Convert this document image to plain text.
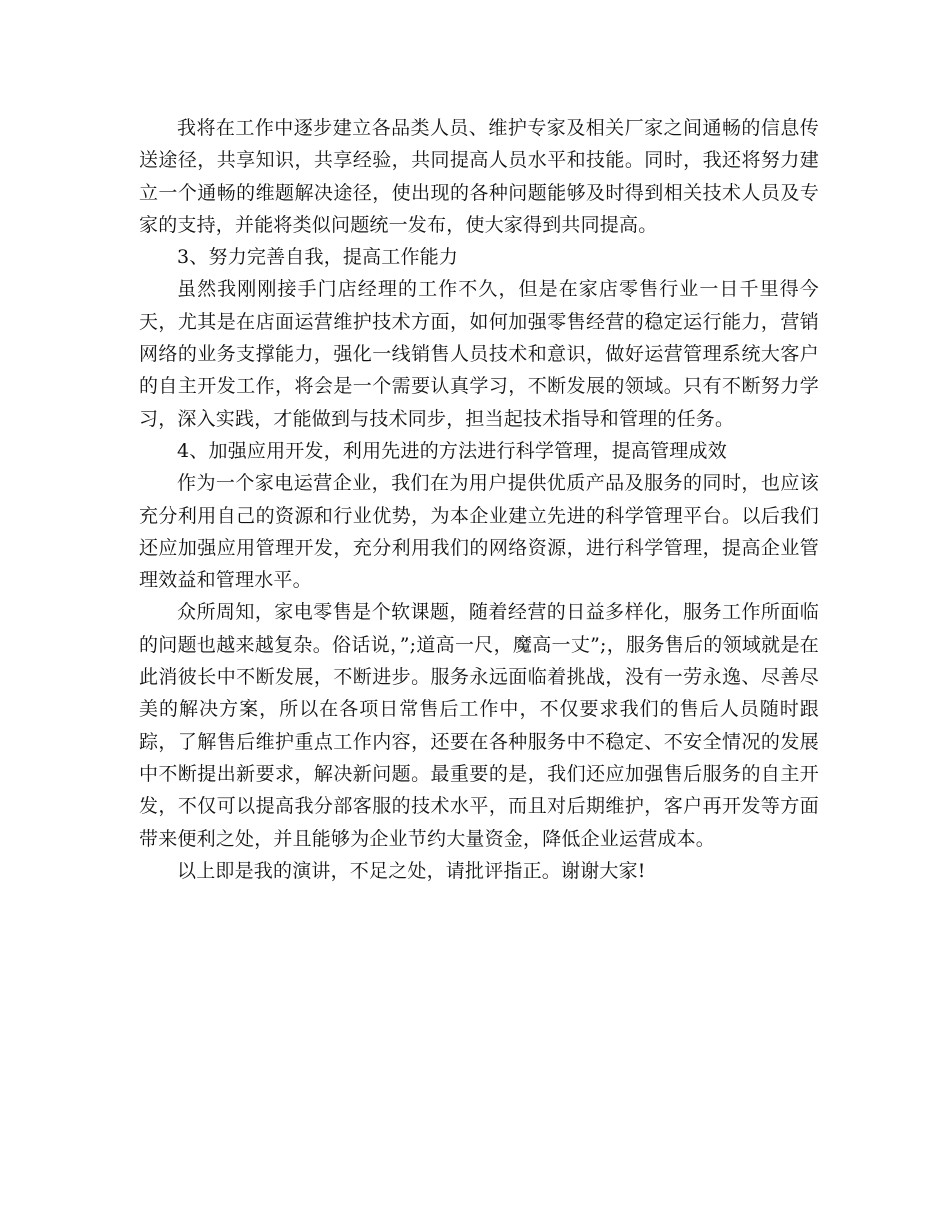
我将在工作中逐步建立各品类人员、维护专家及相关厂家之间通畅的信息传送途径，共享知识，共享经验，共同提高人员水平和技能。同时，我还将努力建立一个通畅的维题解决途径，使出现的各种问题能够及时得到相关技术人员及专家的支持，并能将类似问题统一发布，使大家得到共同提高。

3、努力完善自我，提高工作能力

虽然我刚刚接手门店经理的工作不久，但是在家店零售行业一日千里得今天，尤其是在店面运营维护技术方面，如何加强零售经营的稳定运行能力，营销网络的业务支撑能力，强化一线销售人员技术和意识，做好运营管理系统大客户的自主开发工作，将会是一个需要认真学习，不断发展的领域。只有不断努力学习，深入实践，才能做到与技术同步，担当起技术指导和管理的任务。

4、加强应用开发，利用先进的方法进行科学管理，提高管理成效

作为一个家电运营企业，我们在为用户提供优质产品及服务的同时，也应该充分利用自己的资源和行业优势，为本企业建立先进的科学管理平台。以后我们还应加强应用管理开发，充分利用我们的网络资源，进行科学管理，提高企业管理效益和管理水平。

众所周知，家电零售是个软课题，随着经营的日益多样化，服务工作所面临的问题也越来越复杂。俗话说，”;道高一尺，魔高一丈”;，服务售后的领域就是在此消彼长中不断发展，不断进步。服务永远面临着挑战，没有一劳永逸、尽善尽美的解决方案，所以在各项日常售后工作中，不仅要求我们的售后人员随时跟踪，了解售后维护重点工作内容，还要在各种服务中不稳定、不安全情况的发展中不断提出新要求，解决新问题。最重要的是，我们还应加强售后服务的自主开发，不仅可以提高我分部客服的技术水平，而且对后期维护，客户再开发等方面带来便利之处，并且能够为企业节约大量资金，降低企业运营成本。

以上即是我的演讲，不足之处，请批评指正。谢谢大家!
